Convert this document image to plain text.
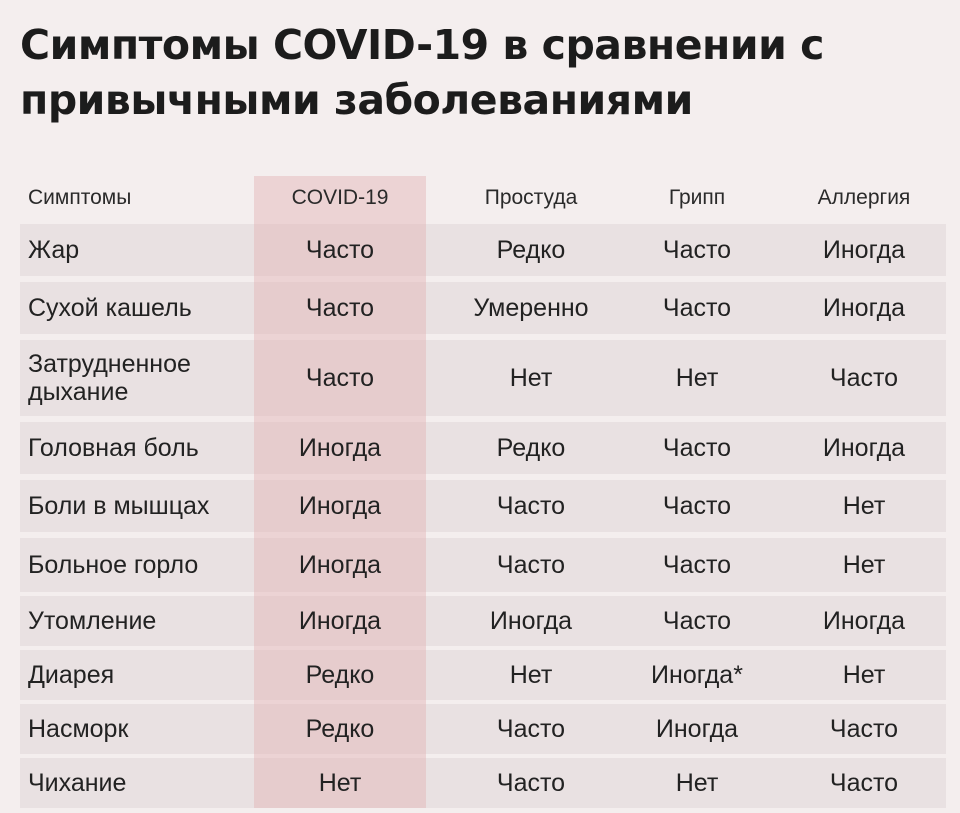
Симптомы COVID-19 в сравнении с привычными заболеваниями
Симптомы	COVID-19	Простуда	Грипп	Аллергия
Жар	Часто	Редко	Часто	Иногда
Сухой кашель	Часто	Умеренно	Часто	Иногда
Затрудненное дыхание	Часто	Нет	Нет	Часто
Головная боль	Иногда	Редко	Часто	Иногда
Боли в мышцах	Иногда	Часто	Часто	Нет
Больное горло	Иногда	Часто	Часто	Нет
Утомление	Иногда	Иногда	Часто	Иногда
Диарея	Редко	Нет	Иногда*	Нет
Насморк	Редко	Часто	Иногда	Часто
Чихание	Нет	Часто	Нет	Часто
